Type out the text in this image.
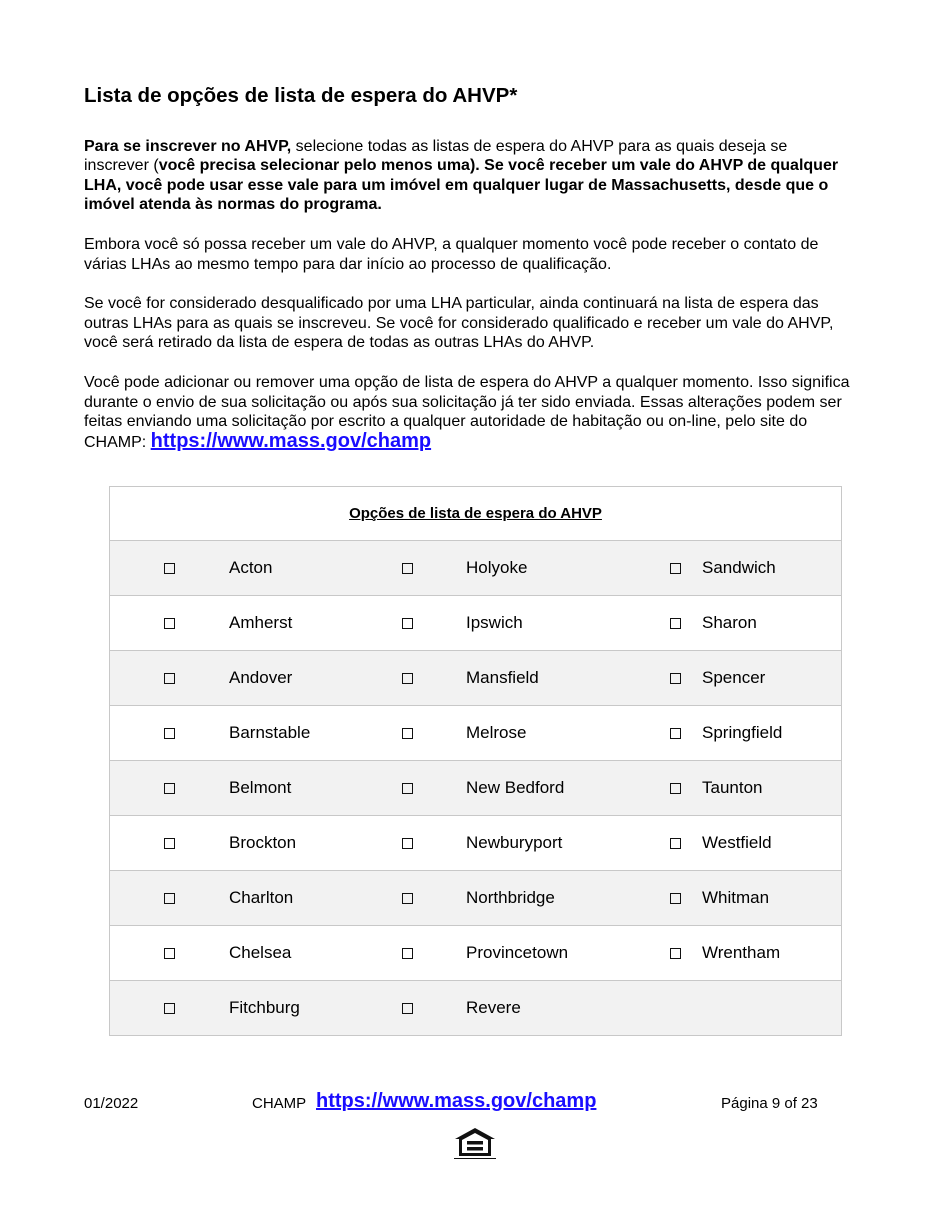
Lista de opções de lista de espera do AHVP*

Para se inscrever no AHVP, selecione todas as listas de espera do AHVP para as quais deseja se inscrever (você precisa selecionar pelo menos uma). Se você receber um vale do AHVP de qualquer LHA, você pode usar esse vale para um imóvel em qualquer lugar de Massachusetts, desde que o imóvel atenda às normas do programa.

Embora você só possa receber um vale do AHVP, a qualquer momento você pode receber o contato de várias LHAs ao mesmo tempo para dar início ao processo de qualificação.

Se você for considerado desqualificado por uma LHA particular, ainda continuará na lista de espera das outras LHAs para as quais se inscreveu. Se você for considerado qualificado e receber um vale do AHVP, você será retirado da lista de espera de todas as outras LHAs do AHVP.

Você pode adicionar ou remover uma opção de lista de espera do AHVP a qualquer momento. Isso significa durante o envio de sua solicitação ou após sua solicitação já ter sido enviada. Essas alterações podem ser feitas enviando uma solicitação por escrito a qualquer autoridade de habitação ou on-line, pelo site do CHAMP: https://www.mass.gov/champ

Opções de lista de espera do AHVP
Acton	Holyoke	Sandwich
Amherst	Ipswich	Sharon
Andover	Mansfield	Spencer
Barnstable	Melrose	Springfield
Belmont	New Bedford	Taunton
Brockton	Newburyport	Westfield
Charlton	Northbridge	Whitman
Chelsea	Provincetown	Wrentham
Fitchburg	Revere
01/2022	CHAMP https://www.mass.gov/champ	Página 9 of 23
